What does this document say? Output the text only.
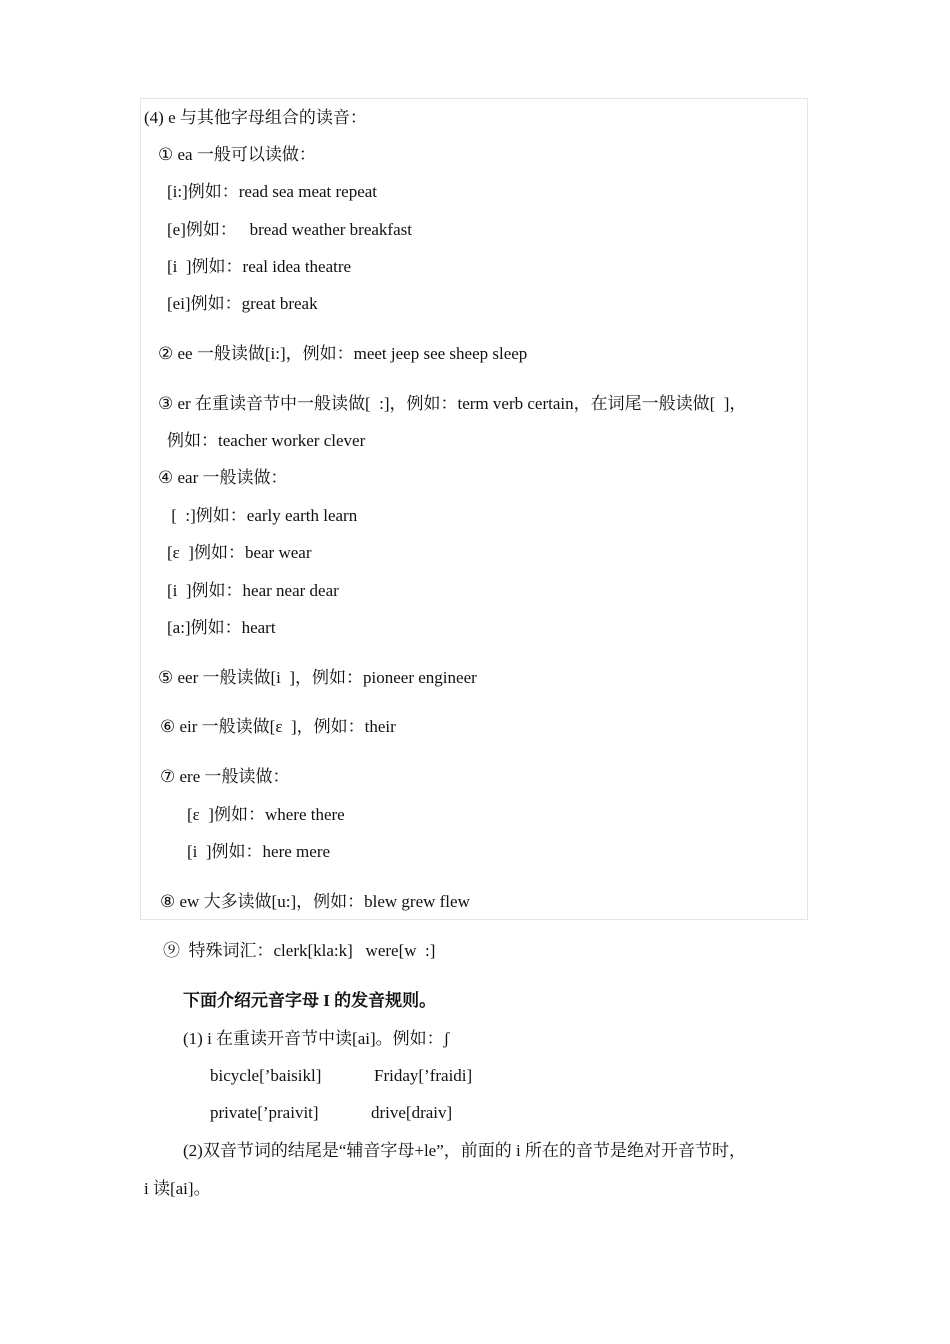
(4) e 与其他字母组合的读音：
① ea 一般可以读做：
[i:]例如：read sea meat repeat
[e]例如：   bread weather breakfast
[i  ]例如：real idea theatre
[ei]例如：great break
② ee 一般读做[i:]，例如：meet jeep see sheep sleep
③ er 在重读音节中一般读做[  :]，例如：term verb certain，在词尾一般读做[  ]，
例如：teacher worker clever
④ ear 一般读做：
[  :]例如：early earth learn
[ε  ]例如：bear wear
[i  ]例如：hear near dear
[a:]例如：heart
⑤ eer 一般读做[i  ]，例如：pioneer engineer
⑥ eir 一般读做[ε  ]，例如：their
⑦ ere 一般读做：
[ε  ]例如：where there
[i  ]例如：here mere
⑧ ew 大多读做[u:]，例如：blew grew flew
⑨  特殊词汇：clerk[kla:k]   were[w  :]
下面介绍元音字母 I 的发音规则。
(1) i 在重读开音节中读[ai]。例如：ʃ
bicycle[’baisikl]	Friday[’fraidi]
private[’praivit]	drive[draiv]
(2)双音节词的结尾是“辅音字母+le”，前面的 i 所在的音节是绝对开音节时，
i 读[ai]。
